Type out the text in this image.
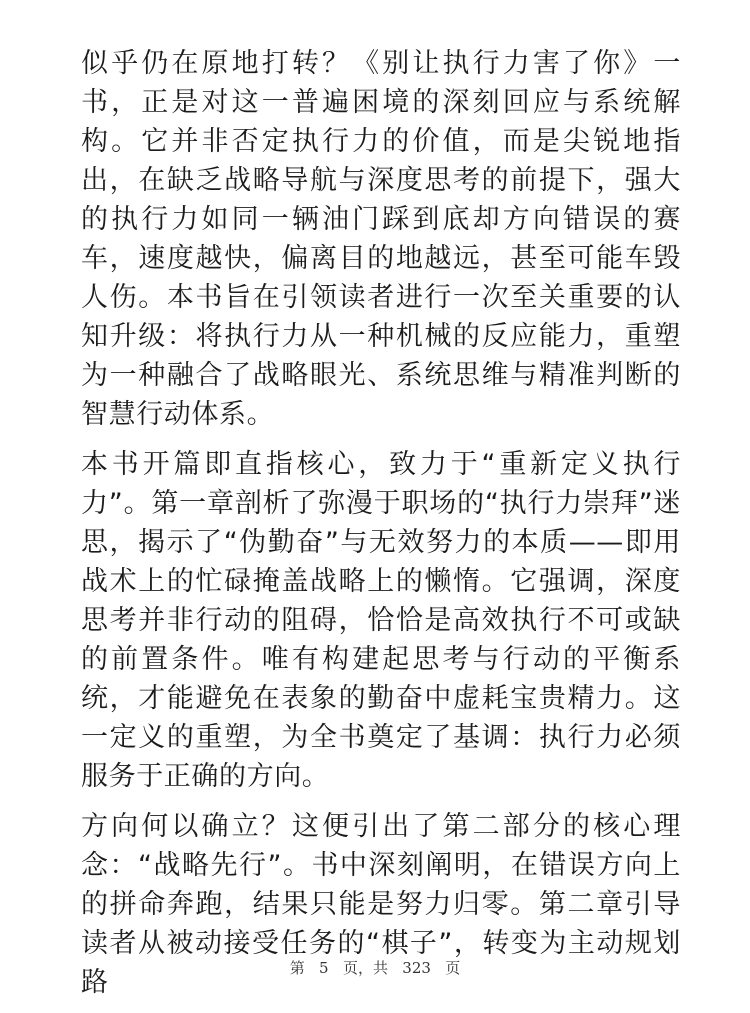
似乎仍在原地打转？《别让执行力害了你》一书，正是对这一普遍困境的深刻回应与系统解构。它并非否定执行力的价值，而是尖锐地指出，在缺乏战略导航与深度思考的前提下，强大的执行力如同一辆油门踩到底却方向错误的赛车，速度越快，偏离目的地越远，甚至可能车毁人伤。本书旨在引领读者进行一次至关重要的认知升级：将执行力从一种机械的反应能力，重塑为一种融合了战略眼光、系统思维与精准判断的智慧行动体系。

本书开篇即直指核心，致力于“重新定义执行力”。第一章剖析了弥漫于职场的“执行力崇拜”迷思，揭示了“伪勤奋”与无效努力的本质——即用战术上的忙碌掩盖战略上的懒惰。它强调，深度思考并非行动的阻碍，恰恰是高效执行不可或缺的前置条件。唯有构建起思考与行动的平衡系统，才能避免在表象的勤奋中虚耗宝贵精力。这一定义的重塑，为全书奠定了基调：执行力必须服务于正确的方向。

方向何以确立？这便引出了第二部分的核心理念：“战略先行”。书中深刻阐明，在错误方向上的拼命奔跑，结果只能是努力归零。第二章引导读者从被动接受任务的“棋子”，转变为主动规划路	第 5 页，共 323 页
